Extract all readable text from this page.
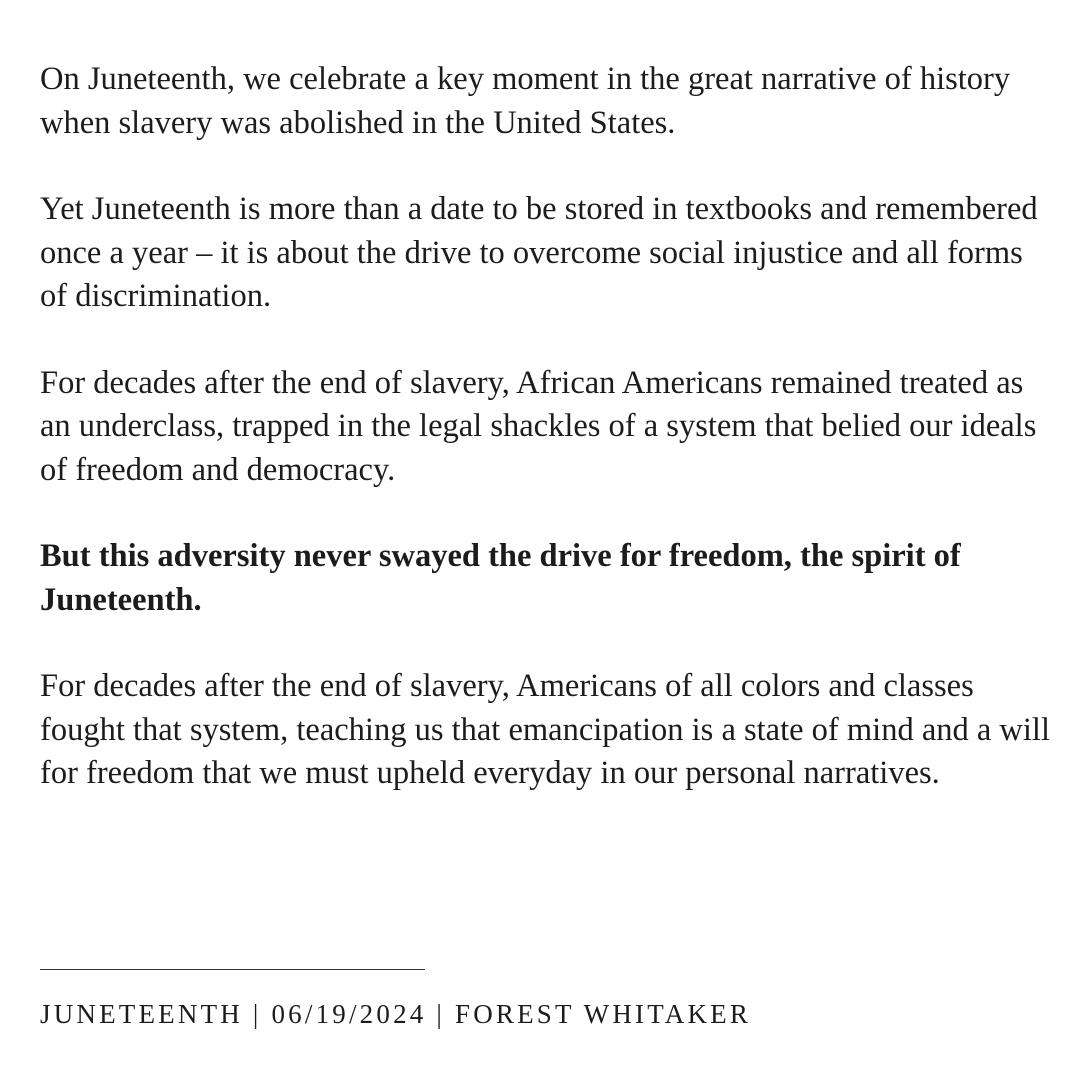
On Juneteenth, we celebrate a key moment in the great narrative of history when slavery was abolished in the United States.

Yet Juneteenth is more than a date to be stored in textbooks and remembered once a year – it is about the drive to overcome social injustice and all forms of discrimination.

For decades after the end of slavery, African Americans remained treated as an underclass, trapped in the legal shackles of a system that belied our ideals of freedom and democracy.

But this adversity never swayed the drive for freedom, the spirit of Juneteenth.

For decades after the end of slavery, Americans of all colors and classes fought that system, teaching us that emancipation is a state of mind and a will for freedom that we must upheld everyday in our personal narratives.

JUNETEENTH | 06/19/2024 | FOREST WHITAKER
